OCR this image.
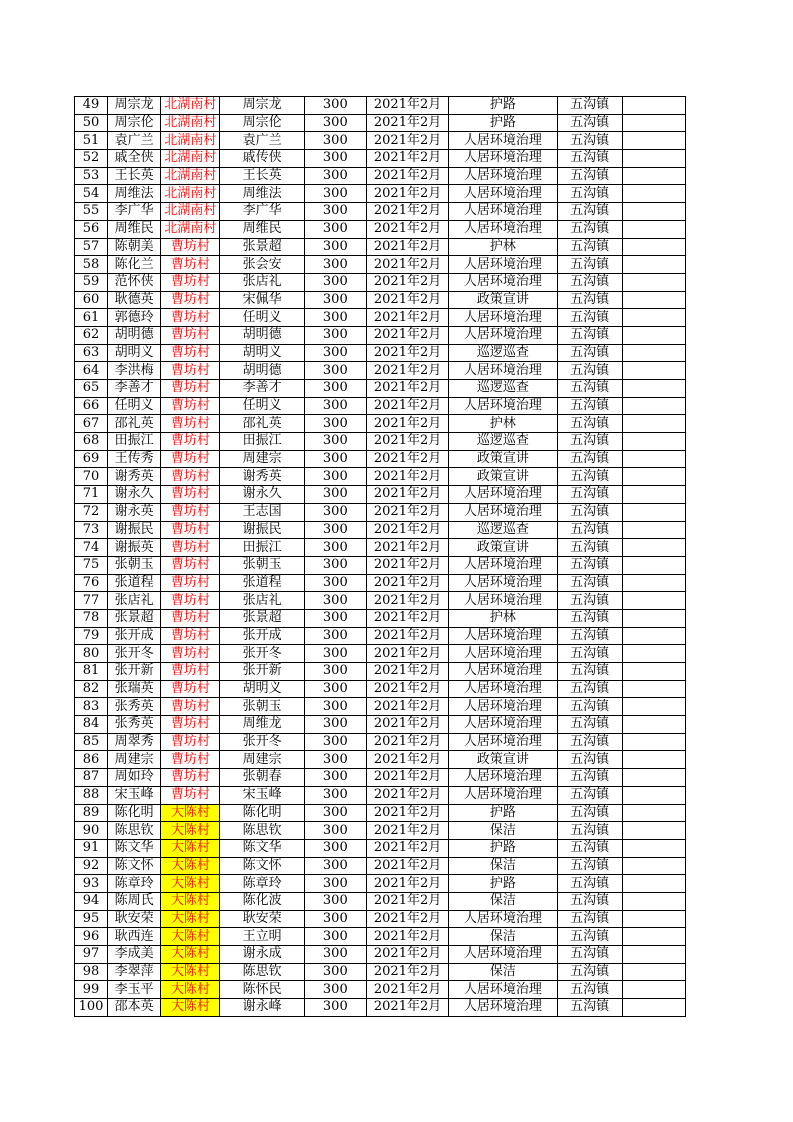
49	周宗龙	北湖南村	周宗龙	300	2021年2月	护路	五沟镇	
50	周宗伦	北湖南村	周宗伦	300	2021年2月	护路	五沟镇	
51	袁广兰	北湖南村	袁广兰	300	2021年2月	人居环境治理	五沟镇	
52	戚全侠	北湖南村	戚传侠	300	2021年2月	人居环境治理	五沟镇	
53	王长英	北湖南村	王长英	300	2021年2月	人居环境治理	五沟镇	
54	周维法	北湖南村	周维法	300	2021年2月	人居环境治理	五沟镇	
55	李广华	北湖南村	李广华	300	2021年2月	人居环境治理	五沟镇	
56	周维民	北湖南村	周维民	300	2021年2月	人居环境治理	五沟镇	
57	陈朝美	曹坊村	张景超	300	2021年2月	护林	五沟镇	
58	陈化兰	曹坊村	张会安	300	2021年2月	人居环境治理	五沟镇	
59	范怀侠	曹坊村	张店礼	300	2021年2月	人居环境治理	五沟镇	
60	耿德英	曹坊村	宋佩华	300	2021年2月	政策宣讲	五沟镇	
61	郭德玲	曹坊村	任明义	300	2021年2月	人居环境治理	五沟镇	
62	胡明德	曹坊村	胡明德	300	2021年2月	人居环境治理	五沟镇	
63	胡明义	曹坊村	胡明义	300	2021年2月	巡逻巡查	五沟镇	
64	李洪梅	曹坊村	胡明德	300	2021年2月	人居环境治理	五沟镇	
65	李善才	曹坊村	李善才	300	2021年2月	巡逻巡查	五沟镇	
66	任明义	曹坊村	任明义	300	2021年2月	人居环境治理	五沟镇	
67	邵礼英	曹坊村	邵礼英	300	2021年2月	护林	五沟镇	
68	田振江	曹坊村	田振江	300	2021年2月	巡逻巡查	五沟镇	
69	王传秀	曹坊村	周建宗	300	2021年2月	政策宣讲	五沟镇	
70	谢秀英	曹坊村	谢秀英	300	2021年2月	政策宣讲	五沟镇	
71	谢永久	曹坊村	谢永久	300	2021年2月	人居环境治理	五沟镇	
72	谢永英	曹坊村	王志国	300	2021年2月	人居环境治理	五沟镇	
73	谢振民	曹坊村	谢振民	300	2021年2月	巡逻巡查	五沟镇	
74	谢振英	曹坊村	田振江	300	2021年2月	政策宣讲	五沟镇	
75	张朝玉	曹坊村	张朝玉	300	2021年2月	人居环境治理	五沟镇	
76	张道程	曹坊村	张道程	300	2021年2月	人居环境治理	五沟镇	
77	张店礼	曹坊村	张店礼	300	2021年2月	人居环境治理	五沟镇	
78	张景超	曹坊村	张景超	300	2021年2月	护林	五沟镇	
79	张开成	曹坊村	张开成	300	2021年2月	人居环境治理	五沟镇	
80	张开冬	曹坊村	张开冬	300	2021年2月	人居环境治理	五沟镇	
81	张开新	曹坊村	张开新	300	2021年2月	人居环境治理	五沟镇	
82	张瑞英	曹坊村	胡明义	300	2021年2月	人居环境治理	五沟镇	
83	张秀英	曹坊村	张朝玉	300	2021年2月	人居环境治理	五沟镇	
84	张秀英	曹坊村	周维龙	300	2021年2月	人居环境治理	五沟镇	
85	周翠秀	曹坊村	张开冬	300	2021年2月	人居环境治理	五沟镇	
86	周建宗	曹坊村	周建宗	300	2021年2月	政策宣讲	五沟镇	
87	周如玲	曹坊村	张朝春	300	2021年2月	人居环境治理	五沟镇	
88	宋玉峰	曹坊村	宋玉峰	300	2021年2月	人居环境治理	五沟镇	
89	陈化明	大陈村	陈化明	300	2021年2月	护路	五沟镇	
90	陈思钦	大陈村	陈思钦	300	2021年2月	保洁	五沟镇	
91	陈文华	大陈村	陈文华	300	2021年2月	护路	五沟镇	
92	陈文怀	大陈村	陈文怀	300	2021年2月	保洁	五沟镇	
93	陈章玲	大陈村	陈章玲	300	2021年2月	护路	五沟镇	
94	陈周氏	大陈村	陈化波	300	2021年2月	保洁	五沟镇	
95	耿安荣	大陈村	耿安荣	300	2021年2月	人居环境治理	五沟镇	
96	耿西连	大陈村	王立明	300	2021年2月	保洁	五沟镇	
97	李成美	大陈村	谢永成	300	2021年2月	人居环境治理	五沟镇	
98	李翠萍	大陈村	陈思钦	300	2021年2月	保洁	五沟镇	
99	李玉平	大陈村	陈怀民	300	2021年2月	人居环境治理	五沟镇	
100	邵本英	大陈村	谢永峰	300	2021年2月	人居环境治理	五沟镇	
